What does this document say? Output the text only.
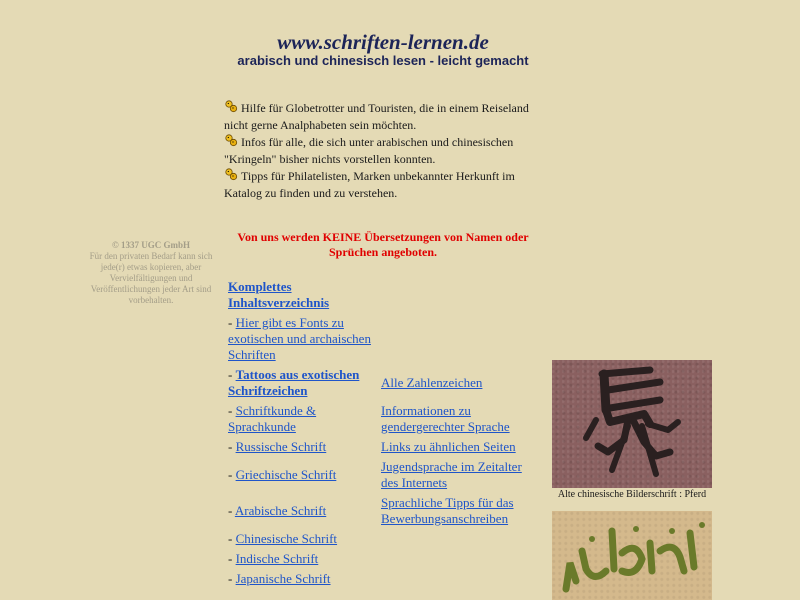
www.schriften-lernen.de
arabisch und chinesisch lesen - leicht gemacht
Hilfe für Globetrotter und Touristen, die in einem Reiseland nicht gerne Analphabeten sein möchten.
Infos für alle, die sich unter arabischen und chinesischen "Kringeln" bisher nichts vorstellen konnten.
Tipps für Philatelisten, Marken unbekannter Herkunft im Katalog zu finden und zu verstehen.
Von uns werden KEINE Übersetzungen von Namen oder Sprüchen angeboten.
© 1337 UGC GmbH
Für den privaten Bedarf kann sich jede(r) etwas kopieren, aber Vervielfältigungen und Veröffentlichungen jeder Art sind vorbehalten.
Komplettes Inhaltsverzeichnis
- Hier gibt es Fonts zu exotischen und archaischen Schriften
- Tattoos aus exotischen Schriftzeichen
- Schriftkunde & Sprachkunde
- Russische Schrift
- Griechische Schrift
- Arabische Schrift
- Chinesische Schrift
- Indische Schrift
- Japanische Schrift
Alle Zahlenzeichen
Informationen zu gendergerechter Sprache
Links zu ähnlichen Seiten
Jugendsprache im Zeitalter des Internets
Sprachliche Tipps für das Bewerbungsanschreiben
Alte chinesische Bilderschrift : Pferd
